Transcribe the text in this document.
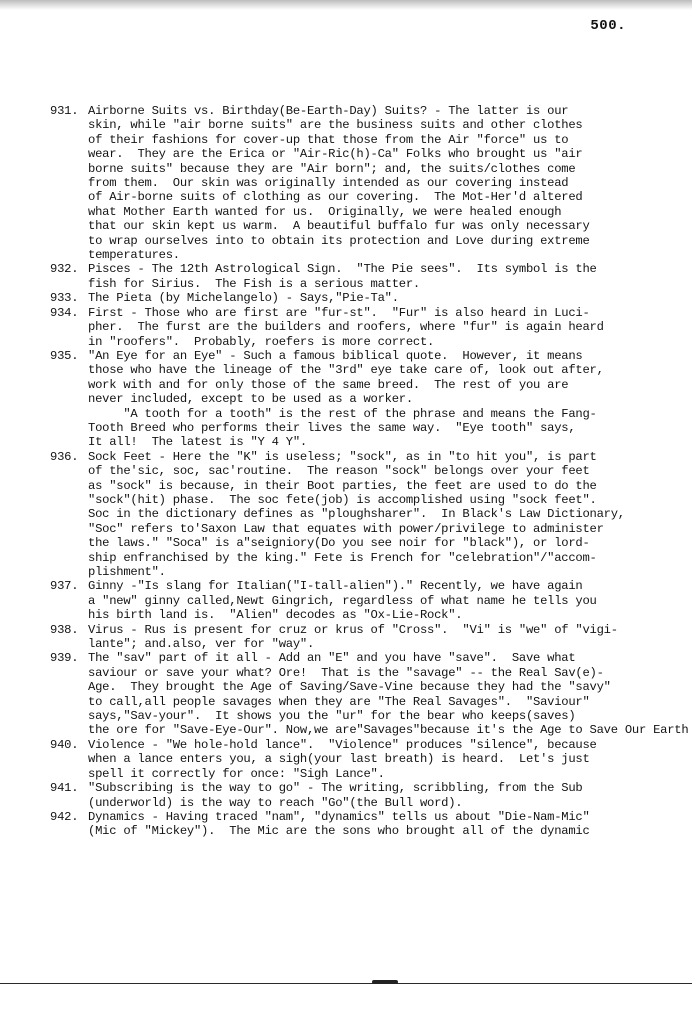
500.
931. Airborne Suits vs. Birthday(Be-Earth-Day) Suits? - The latter is our
skin, while "air borne suits" are the business suits and other clothes
of their fashions for cover-up that those from the Air "force" us to
wear.  They are the Erica or "Air-Ric(h)-Ca" Folks who brought us "air
borne suits" because they are "Air born"; and, the suits/clothes come
from them.  Our skin was originally intended as our covering instead
of Air-borne suits of clothing as our covering.  The Mot-Her'd altered
what Mother Earth wanted for us.  Originally, we were healed enough
that our skin kept us warm.  A beautiful buffalo fur was only necessary
to wrap ourselves into to obtain its protection and Love during extreme
temperatures.
932. Pisces - The 12th Astrological Sign.  "The Pie sees".  Its symbol is the
fish for Sirius.  The Fish is a serious matter.
933. The Pieta (by Michelangelo) - Says,"Pie-Ta".
934. First - Those who are first are "fur-st".  "Fur" is also heard in Luci-
pher.  The furst are the builders and roofers, where "fur" is again heard
in "roofers".  Probably, roefers is more correct.
935. "An Eye for an Eye" - Such a famous biblical quote.  However, it means
those who have the lineage of the "3rd" eye take care of, look out after,
work with and for only those of the same breed.  The rest of you are
never included, except to be used as a worker.
"A tooth for a tooth" is the rest of the phrase and means the Fang-
Tooth Breed who performs their lives the same way.  "Eye tooth" says,
It all!  The latest is "Y 4 Y".
936. Sock Feet - Here the "K" is useless; "sock", as in "to hit you", is part
of the'sic, soc, sac'routine.  The reason "sock" belongs over your feet
as "sock" is because, in their Boot parties, the feet are used to do the
"sock"(hit) phase.  The soc fete(job) is accomplished using "sock feet".
Soc in the dictionary defines as "ploughsharer".  In Black's Law Dictionary,
"Soc" refers to'Saxon Law that equates with power/privilege to administer
the laws." "Soca" is a"seigniory(Do you see noir for "black"), or lord-
ship enfranchised by the king." Fete is French for "celebration"/"accom-
plishment".
937. Ginny -"Is slang for Italian("I-tall-alien")." Recently, we have again
a "new" ginny called,Newt Gingrich, regardless of what name he tells you
his birth land is.  "Alien" decodes as "Ox-Lie-Rock".
938. Virus - Rus is present for cruz or krus of "Cross".  "Vi" is "we" of "vigi-
lante"; and.also, ver for "way".
939. The "sav" part of it all - Add an "E" and you have "save".  Save what
saviour or save your what? Ore!  That is the "savage" -- the Real Sav(e)-
Age.  They brought the Age of Saving/Save-Vine because they had the "savy"
to call,all people savages when they are "The Real Savages".  "Saviour"
says,"Sav-your".  It shows you the "ur" for the bear who keeps(saves)
the ore for "Save-Eye-Our". Now,we are"Savages"because it's the Age to Save Our Earth
940. Violence - "We hole-hold lance".  "Violence" produces "silence", because
when a lance enters you, a sigh(your last breath) is heard.  Let's just
spell it correctly for once: "Sigh Lance".
941. "Subscribing is the way to go" - The writing, scribbling, from the Sub
(underworld) is the way to reach "Go"(the Bull word).
942. Dynamics - Having traced "nam", "dynamics" tells us about "Die-Nam-Mic"
(Mic of "Mickey").  The Mic are the sons who brought all of the dynamic
